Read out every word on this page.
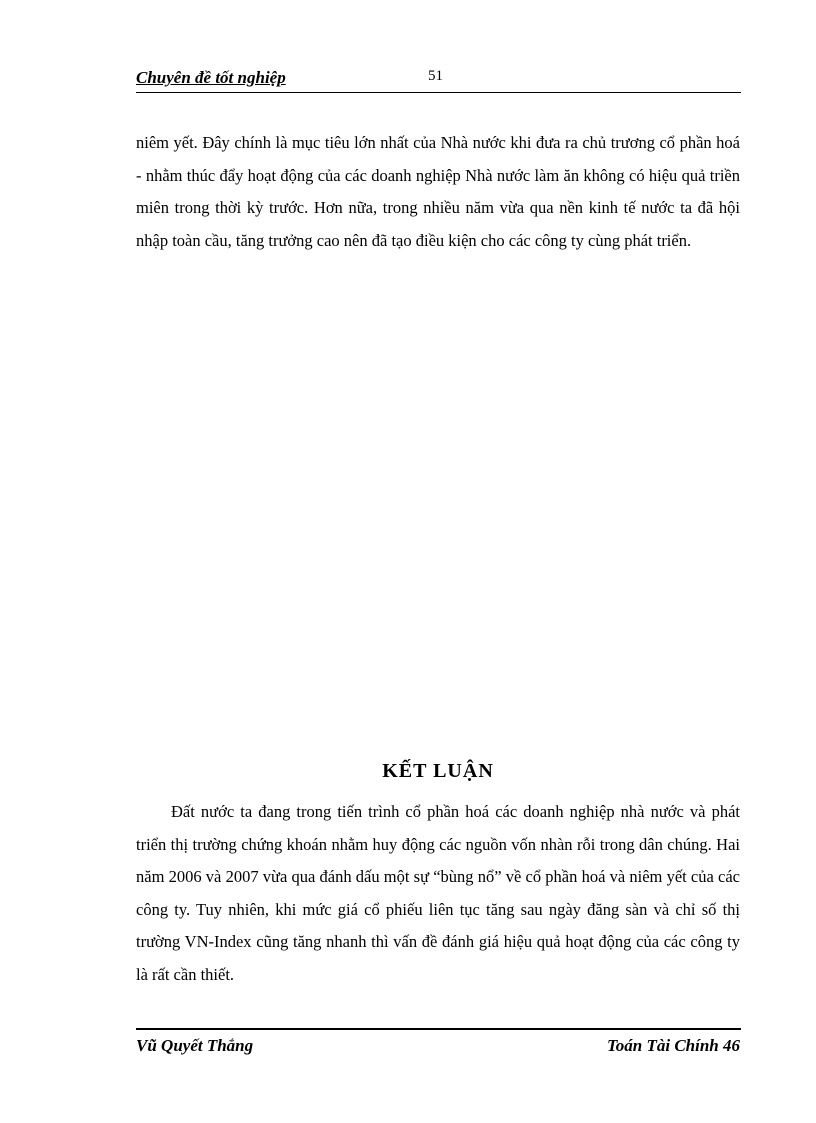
Chuyên đề tốt nghiệp	51

niêm yết. Đây chính là mục tiêu lớn nhất của Nhà nước khi đưa ra chủ trương cổ phần hoá - nhằm thúc đẩy hoạt động của các doanh nghiệp Nhà nước làm ăn không có hiệu quả triền miên trong thời kỳ trước. Hơn nữa, trong nhiều năm vừa qua nền kinh tế nước ta đã hội nhập toàn cầu, tăng trưởng cao nên đã tạo điều kiện cho các công ty cùng phát triển.

KẾT LUẬN

Đất nước ta đang trong tiến trình cổ phần hoá các doanh nghiệp nhà nước và phát triển thị trường chứng khoán nhằm huy động các nguồn vốn nhàn rỗi trong dân chúng. Hai năm 2006 và 2007 vừa qua đánh dấu một sự “bùng nổ” về cổ phần hoá và niêm yết của các công ty. Tuy nhiên, khi mức giá cổ phiếu liên tục tăng sau ngày đăng sàn và chỉ số thị trường VN-Index cũng tăng nhanh thì vấn đề đánh giá hiệu quả hoạt động của các công ty là rất cần thiết.

Vũ Quyết Thắng	Toán Tài Chính 46
